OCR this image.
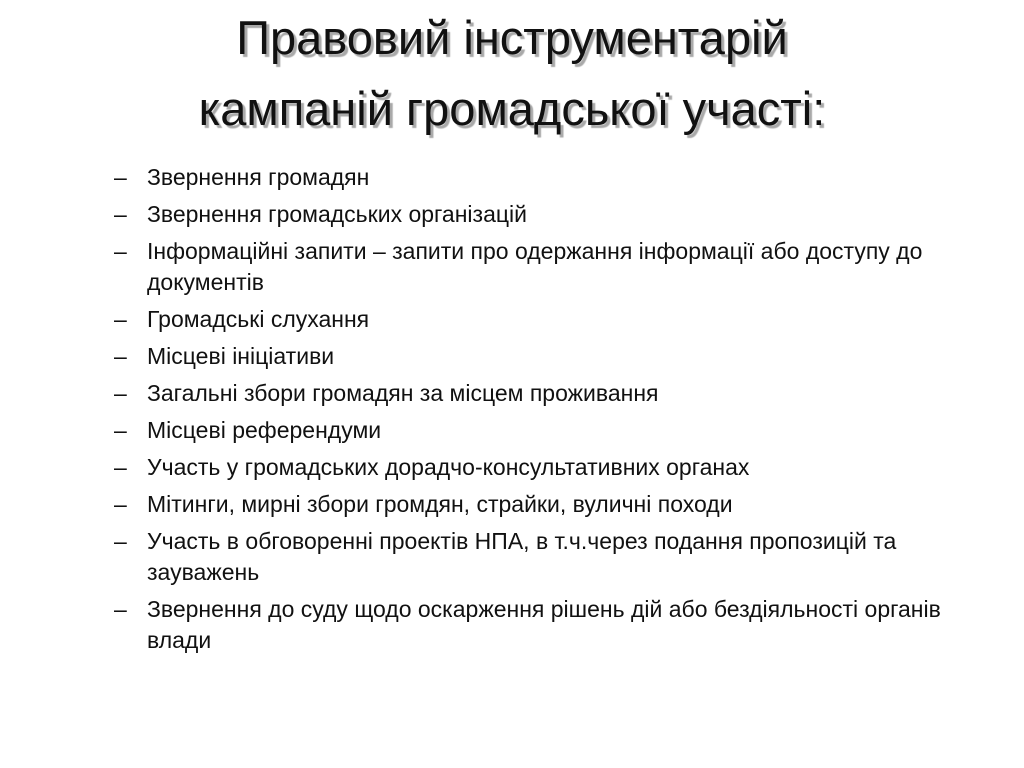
Правовий інструментарій
кампаній громадської участі:
– Звернення громадян
– Звернення громадських організацій
– Інформаційні запити – запити про одержання інформації або доступу до документів
– Громадські слухання
– Місцеві ініціативи
– Загальні збори громадян за місцем проживання
– Місцеві референдуми
– Участь у громадських дорадчо-консультативних органах
– Мітинги, мирні збори громдян, страйки, вуличні походи
– Участь в обговоренні проектів НПА, в т.ч.через подання пропозицій та зауважень
– Звернення до суду щодо оскарження рішень дій або бездіяльності органів влади
